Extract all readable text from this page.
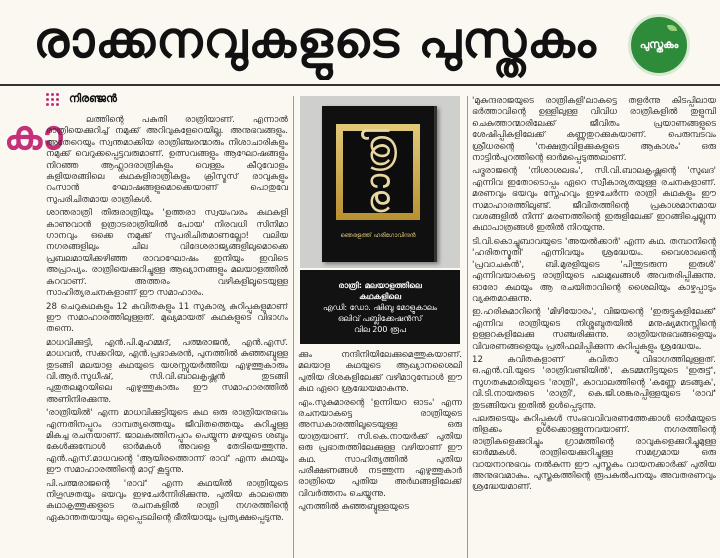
രാക്കനവുകളുടെ പുസ്തകം	പുസ്തകം
നിരഞ്ജൻ
കാ	ലത്തിന്റെ പകുതി രാത്രിയാണ്. എന്നാൽ രാത്രിയെക്കുറിച്ച് നമുക്ക് അറിവുകളേറെയില്ല. അനുഭവങ്ങളും. അതേറെയും സ്വന്തമാക്കിയ രാത്രിഞ്ചരന്മാരും നിശാചാരികളും നമുക്ക് വെറുക്കപ്പെട്ടവരുമാണ്. ഉത്സവങ്ങളും ആഘോഷങ്ങളും നിറഞ്ഞ ആഹ്ലാദരാത്രികളും വെള്ളം കീറുവോളം കളിയരങ്ങിലെ കഥകളിരാത്രികളും ക്രിസ്മസ് രാവുകളും റംസാൻ ഘോഷങ്ങളുമൊക്കെയാണ് പൊതുവേ സുപരിചിതമായ രാത്രികൾ.

ശാന്തരാത്രി തിരുരാത്രിയും 'ഉത്തരാ സ്വയംവരം കഥകളി കാണുവാൻ ഉത്രാടരാത്രിയിൽ പോയ' നിരവധി സിനിമാ ഗാനവും ഒക്കെ നമുക്ക് സുപരിചിതമാണല്ലോ! വലിയ നഗരങ്ങളിലും ചില വിദേശരാജ്യങ്ങളിലുമൊക്കെ പ്രബലമായിക്കഴിഞ്ഞ രാവാഘോഷം ഇനിയും ഇവിടെ അപ്രാപ്യം. രാത്രിയെക്കുറിച്ചുള്ള ആഖ്യാനങ്ങളും മലയാളത്തിൽ കുറവാണ്. അത്തരം വഴികളിലൂടെയുള്ള സാഹിത്യരചനകളാണ് ഈ സമാഹാരം.

28 ചെറുകഥകളും 12 കവിതകളും 11 സുകാര്യ കുറിപ്പുകളുമാണ് ഈ സമാഹാരത്തിലുള്ളത്. മുഖ്യമായത് കഥകളുടെ വിഭാഗം തന്നെ.

മാധവിക്കുട്ടി, എൻ.പി.മുഹമ്മദ്, പത്മരാജൻ, എൻ.എസ്. മാധവൻ, സക്കറിയ, എൻ.പ്രഭാകരൻ, പുനത്തിൽ കുഞ്ഞബ്ദുള്ള തുടങ്ങി മലയാള കഥയുടെ യശസ്സുയർത്തിയ എഴുത്തുകാരും വി.ആർ.സുധീഷ്, സി.വി.ബാലകൃഷ്ണൻ തുടങ്ങി പുതുതലമുറയിലെ എഴുത്തുകാരും ഈ സമാഹാരത്തിൽ അണിനിരക്കുന്നു.

'രാത്രിയിൽ' എന്ന മാധവിക്കുട്ടിയുടെ കഥ ഒരു രാത്രിയനുഭവം എന്നതിനപ്പുറം ദാമ്പത്യത്തെയും ജീവിതത്തെയും കുറിച്ചുള്ള മികച്ച രചനയാണ്. ജാലകത്തിനപ്പുറം പെയ്യുന്ന മഴയുടെ ശബ്ദം കേൾക്കുമ്പോൾ ഓർമകൾ അവളെ തേടിയെത്തുന്നു. എൻ.എസ്.മാധവന്റെ 'ആയിരത്തൊന്ന് രാവ്' എന്ന കഥയും ഈ സമാഹാരത്തിന്റെ മാറ്റ് കൂട്ടുന്നു.

പി.പത്മരാജന്റെ 'രാവ്' എന്ന കഥയിൽ രാത്രിയുടെ നിഗൂഢതയും ഭയവും ഇഴചേർന്നിരിക്കുന്നു. പുതിയ കാലത്തെ കഥാകൃത്തുക്കളുടെ രചനകളിൽ രാത്രി നഗരത്തിന്റെ ഏകാന്തതയായും ഒറ്റപ്പെടലിന്റെ ഭീതിയായും പ്രത്യക്ഷപ്പെടുന്നു.

രാത്രി
ഞെരളത്ത് ഹരിഗോവിന്ദൻ
രാത്രി: മലയാളത്തിലെ
കഥകളിലെ
എഡി: ഡോ. ഷിബു മോളുകാലം
ഒലിവ് പബ്ലിക്കേഷൻസ്
വില 200 രൂപ

ക്കും നന്ദിനിയിലേക്കുമെത്തുകയാണ്. മലയാള കഥയുടെ ആഖ്യാനശൈലി പുതിയ ദിശകളിലേക്ക് വഴിമാറുമ്പോൾ ഈ കഥ ഏറെ ശ്രദ്ധേയമാകുന്നു.

എം.സുകുമാരന്റെ 'ഉന്നിയറ ഓടം' എന്ന രചനയാകട്ടെ രാത്രിയുടെ അന്ധകാരത്തിലൂടെയുള്ള ഒരു യാത്രയാണ്. സി.കെ.നായർക്ക് പുതിയ ഒരു പ്രഭാതത്തിലേക്കുള്ള വഴിയാണ് ഈ കഥ. സാഹിത്യത്തിൽ പുതിയ പരീക്ഷണങ്ങൾ നടത്തുന്ന എഴുത്തുകാർ രാത്രിയെ പുതിയ അർഥങ്ങളിലേക്ക് വിവർത്തനം ചെയ്യുന്നു.

പുനത്തിൽ കുഞ്ഞബ്ദുള്ളയുടെ

'മുകുന്ദരാജയുടെ രാത്രികളി'ലാകട്ടെ തളർന്നു കിടപ്പിലായ ഭർത്താവിന്റെ ഉള്ളിലുള്ള വിവിധ രാത്രികളിൽ തുളുമ്പി ചെകുത്താന്മാരിലേക്ക് ജീവിതം പ്രയാണങ്ങളുടെ ശേഷിപ്പികളിലേക്ക് കണ്ണുതുറക്കുകയാണ്. പെരുമ്പടവം ശ്രീധരന്റെ 'നക്ഷത്രവിളക്കുകളുടെ ആകാശം' ഒരു നാട്ടിൻപുറത്തിന്റെ ഓർമപ്പെടുത്തലാണ്.

പദ്മരാജന്റെ 'നിശാശലഭം', സി.വി.ബാലകൃഷ്ണന്റെ 'സുഖദ' എന്നിവ ഇതോടൊപ്പം ഏറെ സ്വീകാര്യതയുള്ള രചനകളാണ്. മരണവും ഭയവും സ്നേഹവും ഇഴചേർന്ന രാത്രി കഥകളും ഈ സമാഹാരത്തിലുണ്ട്. ജീവിതത്തിന്റെ പ്രകാശമാനമായ വശങ്ങളിൽ നിന്ന് മരണത്തിന്റെ ഇരുളിലേക്ക് ഇറങ്ങിച്ചെല്ലുന്ന കഥാപാത്രങ്ങൾ ഇതിൽ നിറയുന്നു.

ടി.വി.കൊച്ചുബാവയുടെ 'അയൽക്കാർ' എന്ന കഥ. തമ്പാനിന്റെ 'ഹരിതസ്മൃതി' എന്നിവയും ശ്രദ്ധേയം. വൈശാഖന്റെ 'പ്രവാചകൻ', ബി.മുരളിയുടെ 'പിന്തുടരുന്ന ഇരുൾ' എന്നിവയാകട്ടെ രാത്രിയുടെ പലമുഖങ്ങൾ അവതരിപ്പിക്കുന്നു. ഓരോ കഥയും ആ രചയിതാവിന്റെ ശൈലിയും കാഴ്ചപ്പാടും വ്യക്തമാക്കുന്നു.

ഇ.ഹരികുമാറിന്റെ 'മിഴിയോരം', വിജയന്റെ 'ഇരുട്ടുകളിലേക്ക്' എന്നിവ രാത്രിയുടെ നിശ്ശബ്ദതയിൽ മനുഷ്യമനസ്സിന്റെ ഉള്ളറകളിലേക്കു സഞ്ചരിക്കുന്നു. രാത്രിയനുഭവങ്ങളെയും വിവരണങ്ങളെയും പ്രതിഫലിപ്പിക്കുന്ന കുറിപ്പുകളും ശ്രദ്ധേയം.

12 കവിതകളാണ് കവിതാ വിഭാഗത്തിലുള്ളത്. ഒ.എൻ.വി.യുടെ 'രാത്രിവണ്ടിയിൽ', കടമ്മനിട്ടയുടെ 'ഇരുട്ട്', സുഗതകുമാരിയുടെ 'രാത്രി', കാവാലത്തിന്റെ 'കണ്ണേ മടങ്ങുക', വി.ടി.നായരുടെ 'രാത്രി', കെ.ജി.ശങ്കരപ്പിള്ളയുടെ 'രാവ്' തുടങ്ങിയവ ഇതിൽ ഉൾപ്പെടുന്നു.

പലരുടെയും കുറിപ്പുകൾ സംഭവവിവരണത്തേക്കാൾ ഓർമയുടെ തിളക്കം ഉൾക്കൊള്ളുന്നവയാണ്. നഗരത്തിന്റെ രാത്രികളെക്കുറിച്ചും ഗ്രാമത്തിന്റെ രാവുകളെക്കുറിച്ചുമുള്ള ഓർമ്മകൾ. രാത്രിയെക്കുറിച്ചുള്ള സമഗ്രമായ ഒരു വായനാനുഭവം നൽകുന്ന ഈ പുസ്തകം വായനക്കാർക്ക് പുതിയ അനുഭവമാകും. പുസ്തകത്തിന്റെ രൂപകൽപനയും അവതരണവും ശ്രദ്ധേയമാണ്.
